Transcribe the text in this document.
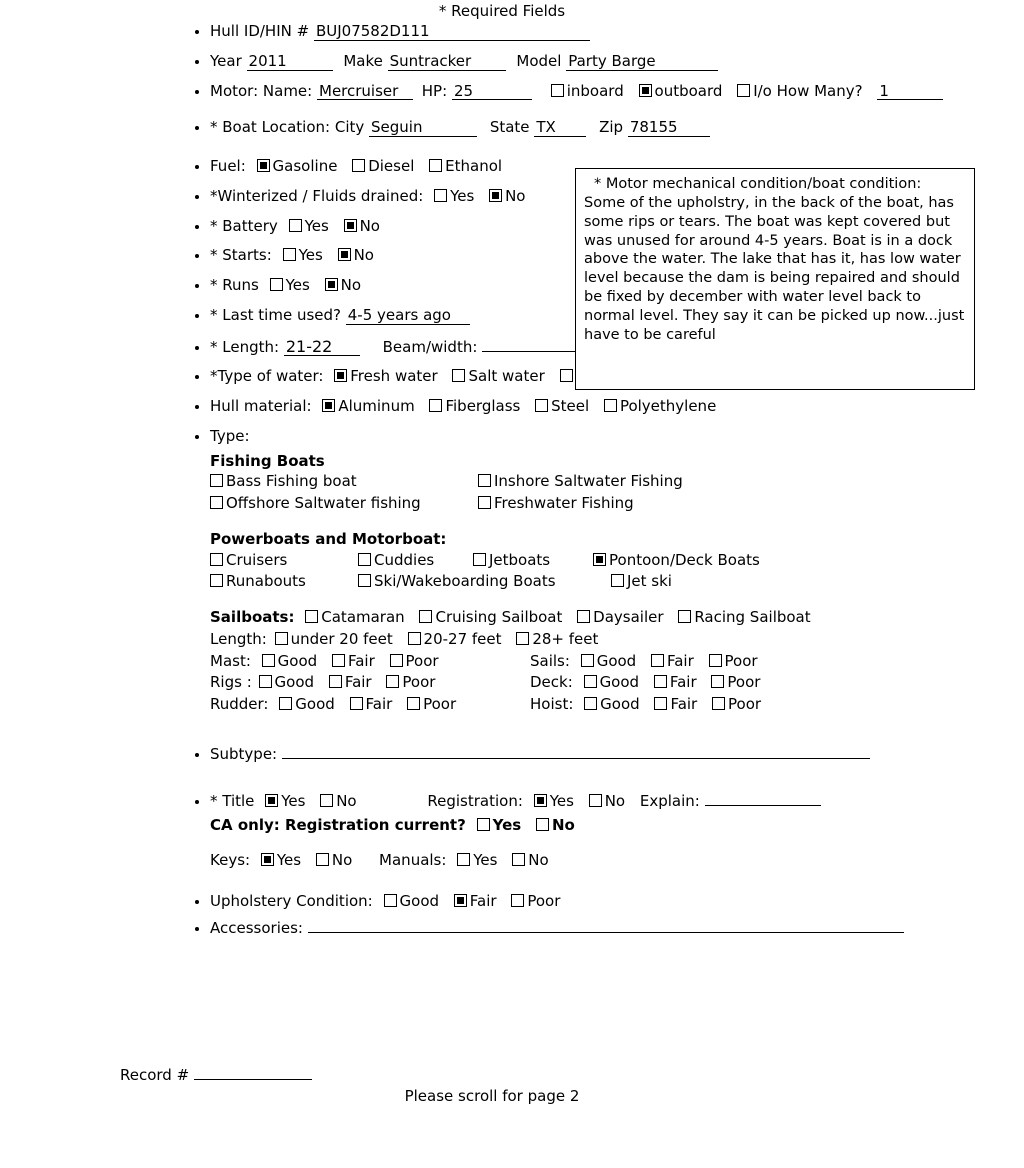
* Required Fields
* Motor mechanical condition/boat condition:
Some of the upholstry, in the back of the boat, has some rips or tears. The boat was kept covered but was unused for around 4-5 years. Boat is in a dock above the water. The lake that has it, has low water level because the dam is being repaired and should be fixed by december with water level back to normal level. They say it can be picked up now...just have to be careful
• Hull ID/HIN # BUJ07582D111
• Year 2011	Make Suntracker	Model Party Barge
• Motor: Name: Mercruiser HP: 25	inboard outboard I/o How Many? 1
• * Boat Location: City Seguin	State TX	Zip 78155
• Fuel: Gasoline Diesel Ethanol
• *Winterized / Fluids drained: Yes No
• * Battery Yes No
• * Starts: Yes No
• * Runs Yes No
• * Last time used? 4-5 years ago
• * Length: 21-22	Beam/width:
• *Type of water: Fresh water Salt water
• Hull material: Aluminum Fiberglass Steel Polyethylene
• Type:
Fishing Boats
Bass Fishing boat	Inshore Saltwater Fishing
Offshore Saltwater fishing	Freshwater Fishing
Powerboats and Motorboat:
Cruisers	Cuddies	Jetboats	Pontoon/Deck Boats
Runabouts	Ski/Wakeboarding Boats		Jet ski
Sailboats: Catamaran Cruising Sailboat Daysailer Racing Sailboat
Length: under 20 feet 20-27 feet 28+ feet
Mast: Good Fair Poor	Sails: Good Fair Poor
Rigs : Good Fair Poor	Deck: Good Fair Poor
Rudder: Good Fair Poor	Hoist: Good Fair Poor
• Subtype:
• * Title Yes No	Registration: Yes No Explain:
CA only: Registration current? Yes No
Keys: Yes No Manuals: Yes No
• Upholstery Condition: Good Fair Poor
• Accessories:
Record #
Please scroll for page 2
